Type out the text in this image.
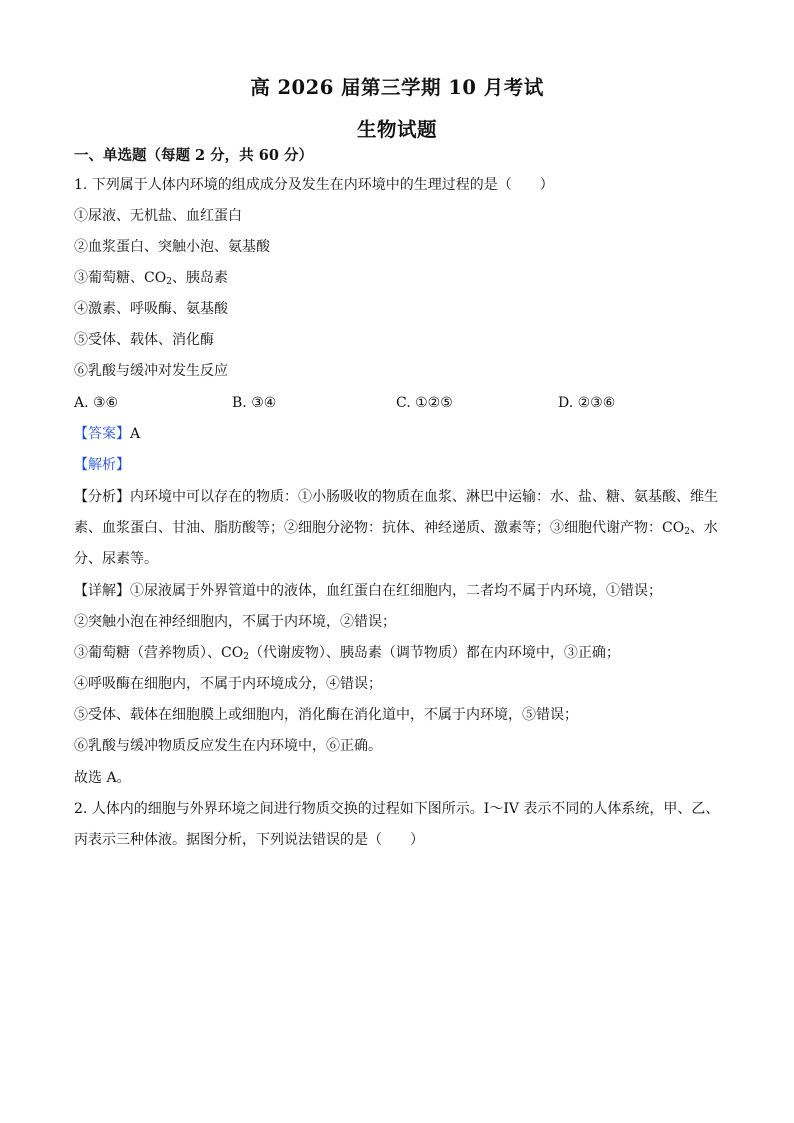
高 2026 届第三学期 10 月考试
生物试题

一、单选题（每题 2 分，共 60 分）

1. 下列属于人体内环境的组成成分及发生在内环境中的生理过程的是（　　）

①尿液、无机盐、血红蛋白

②血浆蛋白、突触小泡、氨基酸

③葡萄糖、$CO_2$、胰岛素

④激素、呼吸酶、氨基酸

⑤受体、载体、消化酶

⑥乳酸与缓冲对发生反应

A. ③⑥	B. ③④	C. ①②⑤	D. ②③⑥

【答案】A

【解析】

【分析】内环境中可以存在的物质：①小肠吸收的物质在血浆、淋巴中运输：水、盐、糖、氨基酸、维生

素、血浆蛋白、甘油、脂肪酸等；②细胞分泌物：抗体、神经递质、激素等；③细胞代谢产物：$CO_2$、水

分、尿素等。

【详解】①尿液属于外界管道中的液体，血红蛋白在红细胞内，二者均不属于内环境，①错误；

②突触小泡在神经细胞内，不属于内环境，②错误；

③葡萄糖（营养物质）、$CO_2$（代谢废物）、胰岛素（调节物质）都在内环境中，③正确；

④呼吸酶在细胞内，不属于内环境成分，④错误；

⑤受体、载体在细胞膜上或细胞内，消化酶在消化道中，不属于内环境，⑤错误；

⑥乳酸与缓冲物质反应发生在内环境中，⑥正确。

故选 A。

2. 人体内的细胞与外界环境之间进行物质交换的过程如下图所示。I～IV 表示不同的人体系统，甲、乙、

丙表示三种体液。据图分析，下列说法错误的是（　　）
